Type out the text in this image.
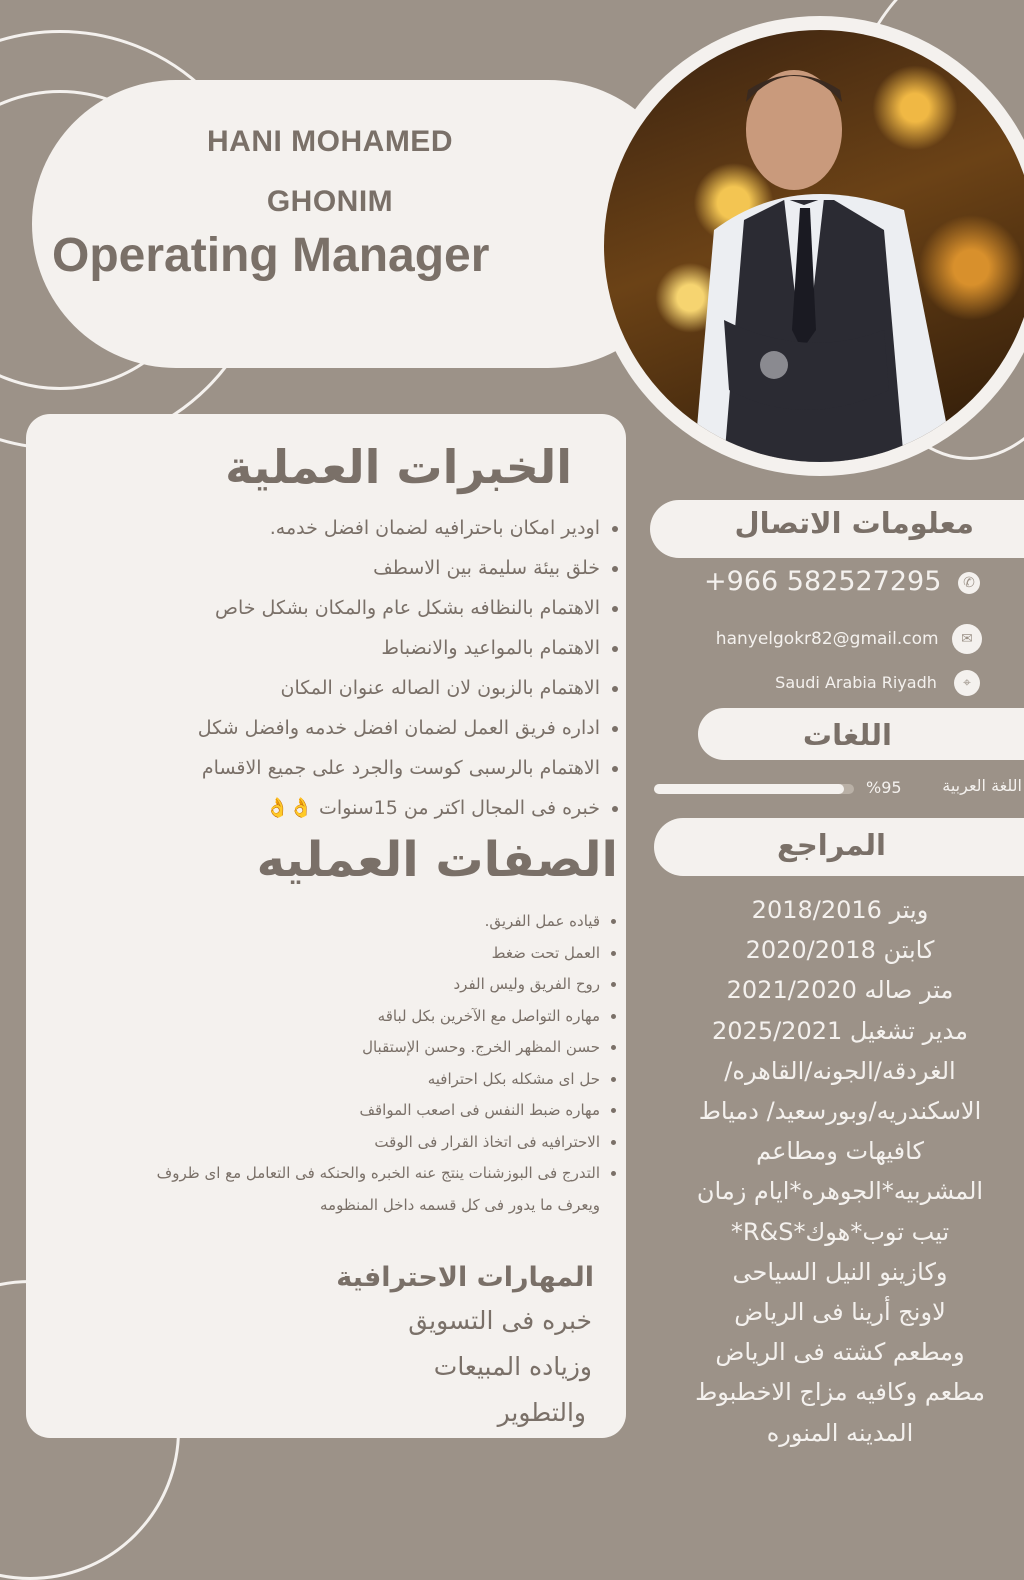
HANI MOHAMED
GHONIM
Operating Manager
الخبرات العملية
• اودير امكان باحترافيه لضمان افضل خدمه.
• خلق بيئة سليمة بين الاسطف
• الاهتمام بالنظافه بشكل عام والمكان بشكل خاص
• الاهتمام بالمواعيد والانضباط
• الاهتمام بالزبون لان الصاله عنوان المكان
• اداره فريق العمل لضمان افضل خدمه وافضل شكل
• الاهتمام بالرسبى كوست والجرد على جميع الاقسام
• خبره فى المجال اكتر من 15سنوات 👌👌
الصفات العمليه
• قياده عمل الفريق.
• العمل تحت ضغط
• روح الفريق وليس الفرد
• مهاره التواصل مع الآخرين بكل لباقه
• حسن المظهر الخرج. وحسن الإستقبال
• حل اى مشكله بكل احترافيه
• مهاره ضبط النفس فى اصعب المواقف
• الاحترافيه فى اتخاذ القرار فى الوقت
• التدرج فى البوزشنات ينتج عنه الخبره والحنكه فى التعامل مع اى ظروف ويعرف ما يدور فى كل قسمه داخل المنظومه
المهارات الاحترافية
خبره فى التسويق
وزياده المبيعات
والتطوير
معلومات الاتصال
✆ +966 582527295
✉ hanyelgokr82@gmail.com
⌖ Saudi Arabia Riyadh
اللغات
%95	اللغة العربية
المراجع
ويتر 2018/2016
كابتن 2020/2018
متر صاله 2021/2020
مدير تشغيل 2025/2021
الغردقه/الجونه/القاهره/
الاسكندريه/وبورسعيد/ دمياط
كافيهات ومطاعم
المشربيه*الجوهره*ايام زمان
تيب توب*هوك*R&S*
وكازينو النيل السياحى
لاونج أرينا فى الرياض
ومطعم كشته فى الرياض
مطعم وكافيه مزاج الاخطبوط
المدينه المنوره
